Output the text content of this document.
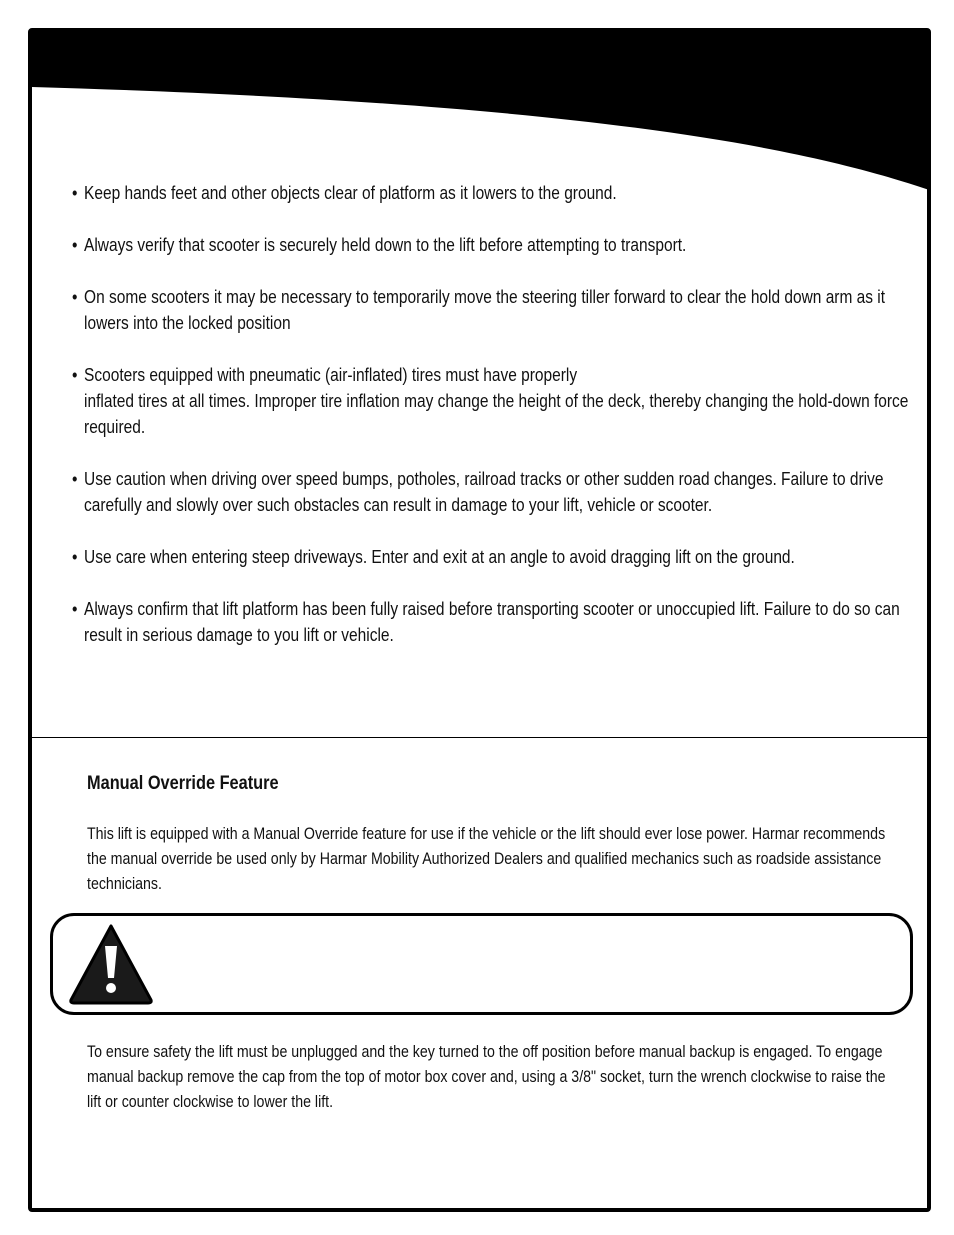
• Keep hands feet and other objects clear of platform as it lowers to the ground.
• Always verify that scooter is securely held down to the lift before attempting to transport.
• On some scooters it may be necessary to temporarily move the steering tiller forward to clear the hold down arm as it lowers into the locked position
• Scooters equipped with pneumatic (air-inflated) tires must have properly
inflated tires at all times. Improper tire inflation may change the height of the deck, thereby changing the hold-down force required.
• Use caution when driving over speed bumps, potholes, railroad tracks or other sudden road changes. Failure to drive carefully and slowly over such obstacles can result in damage to your lift, vehicle or scooter.
• Use care when entering steep driveways. Enter and exit at an angle to avoid dragging lift on the ground.
• Always confirm that lift platform has been fully raised before transporting scooter or unoccupied lift. Failure to do so can result in serious damage to you lift or vehicle.
Manual Override Feature
This lift is equipped with a Manual Override feature for use if the vehicle or the lift should ever lose power. Harmar recommends the manual override be used only by Harmar Mobility Authorized Dealers and qualified mechanics such as roadside assistance technicians.
To ensure safety the lift must be unplugged and the key turned to the off position before manual backup is engaged. To engage manual backup remove the cap from the top of motor box cover and, using a 3/8" socket, turn the wrench clockwise to raise the lift or counter clockwise to lower the lift.
